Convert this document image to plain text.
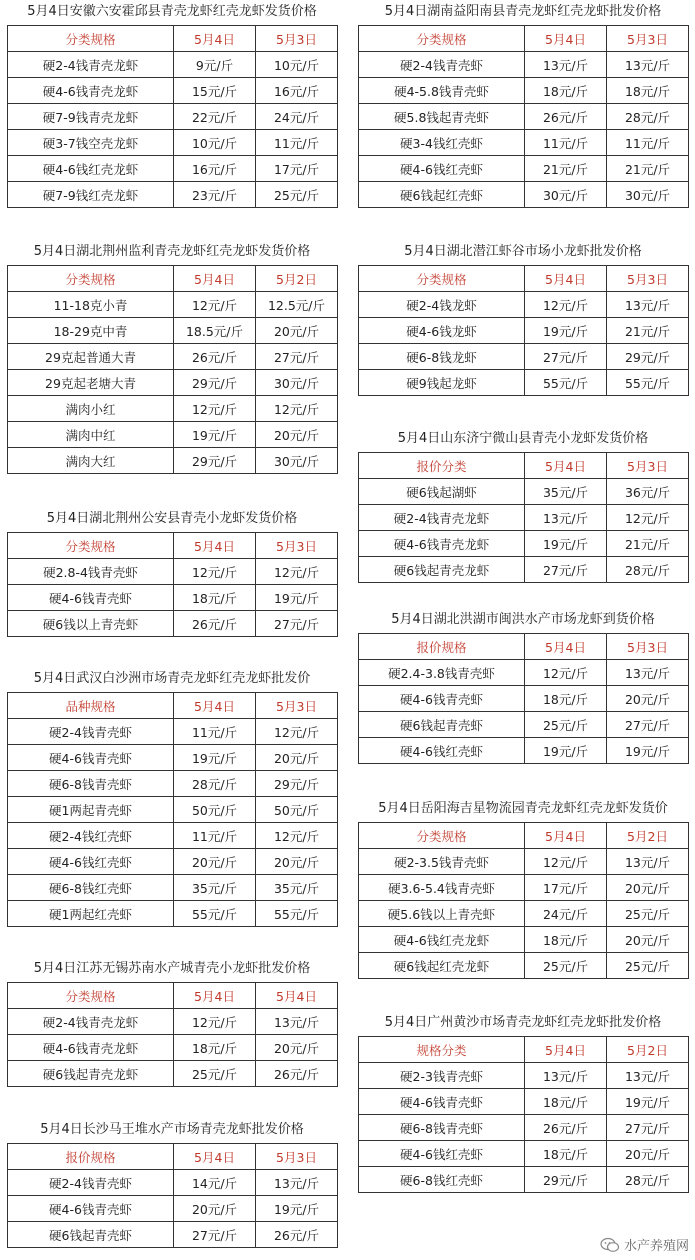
5月4日安徽六安霍邱县青壳龙虾红壳龙虾发货价格
分类规格	5月4日	5月3日
硬2-4钱青壳龙虾	9元/斤	10元/斤
硬4-6钱青壳龙虾	15元/斤	16元/斤
硬7-9钱青壳龙虾	22元/斤	24元/斤
硬3-7钱空壳龙虾	10元/斤	11元/斤
硬4-6钱红壳龙虾	16元/斤	17元/斤
硬7-9钱红壳龙虾	23元/斤	25元/斤
5月4日湖北荆州监利青壳龙虾红壳龙虾发货价格
分类规格	5月4日	5月2日
11-18克小青	12元/斤	12.5元/斤
18-29克中青	18.5元/斤	20元/斤
29克起普通大青	26元/斤	27元/斤
29克起老塘大青	29元/斤	30元/斤
满肉小红	12元/斤	12元/斤
满肉中红	19元/斤	20元/斤
满肉大红	29元/斤	30元/斤
5月4日湖北荆州公安县青壳小龙虾发货价格
分类规格	5月4日	5月3日
硬2.8-4钱青壳虾	12元/斤	12元/斤
硬4-6钱青壳虾	18元/斤	19元/斤
硬6钱以上青壳虾	26元/斤	27元/斤
5月4日武汉白沙洲市场青壳龙虾红壳龙虾批发价
品种规格	5月4日	5月3日
硬2-4钱青壳虾	11元/斤	12元/斤
硬4-6钱青壳虾	19元/斤	20元/斤
硬6-8钱青壳虾	28元/斤	29元/斤
硬1两起青壳虾	50元/斤	50元/斤
硬2-4钱红壳虾	11元/斤	12元/斤
硬4-6钱红壳虾	20元/斤	20元/斤
硬6-8钱红壳虾	35元/斤	35元/斤
硬1两起红壳虾	55元/斤	55元/斤
5月4日江苏无锡苏南水产城青壳小龙虾批发价格
分类规格	5月4日	5月4日
硬2-4钱青壳龙虾	12元/斤	13元/斤
硬4-6钱青壳龙虾	18元/斤	20元/斤
硬6钱起青壳龙虾	25元/斤	26元/斤
5月4日长沙马王堆水产市场青壳龙虾批发价格
报价规格	5月4日	5月3日
硬2-4钱青壳虾	14元/斤	13元/斤
硬4-6钱青壳虾	20元/斤	19元/斤
硬6钱起青壳虾	27元/斤	26元/斤
5月4日湖南益阳南县青壳龙虾红壳龙虾批发价格
分类规格	5月4日	5月3日
硬2-4钱青壳虾	13元/斤	13元/斤
硬4-5.8钱青壳虾	18元/斤	18元/斤
硬5.8钱起青壳虾	26元/斤	28元/斤
硬3-4钱红壳虾	11元/斤	11元/斤
硬4-6钱红壳虾	21元/斤	21元/斤
硬6钱起红壳虾	30元/斤	30元/斤
5月4日湖北潜江虾谷市场小龙虾批发价格
分类规格	5月4日	5月3日
硬2-4钱龙虾	12元/斤	13元/斤
硬4-6钱龙虾	19元/斤	21元/斤
硬6-8钱龙虾	27元/斤	29元/斤
硬9钱起龙虾	55元/斤	55元/斤
5月4日山东济宁微山县青壳小龙虾发货价格
报价分类	5月4日	5月3日
硬6钱起湖虾	35元/斤	36元/斤
硬2-4钱青壳龙虾	13元/斤	12元/斤
硬4-6钱青壳龙虾	19元/斤	21元/斤
硬6钱起青壳龙虾	27元/斤	28元/斤
5月4日湖北洪湖市闽洪水产市场龙虾到货价格
报价规格	5月4日	5月3日
硬2.4-3.8钱青壳虾	12元/斤	13元/斤
硬4-6钱青壳虾	18元/斤	20元/斤
硬6钱起青壳虾	25元/斤	27元/斤
硬4-6钱红壳虾	19元/斤	19元/斤
5月4日岳阳海吉星物流园青壳龙虾红壳龙虾发货价
分类规格	5月4日	5月2日
硬2-3.5钱青壳虾	12元/斤	13元/斤
硬3.6-5.4钱青壳虾	17元/斤	20元/斤
硬5.6钱以上青壳虾	24元/斤	25元/斤
硬4-6钱红壳龙虾	18元/斤	20元/斤
硬6钱起红壳龙虾	25元/斤	25元/斤
5月4日广州黄沙市场青壳龙虾红壳龙虾批发价格
规格分类	5月4日	5月2日
硬2-3钱青壳虾	13元/斤	13元/斤
硬4-6钱青壳虾	18元/斤	19元/斤
硬6-8钱青壳虾	26元/斤	27元/斤
硬4-6钱红壳虾	18元/斤	20元/斤
硬6-8钱红壳虾	29元/斤	28元/斤
水产养殖网
